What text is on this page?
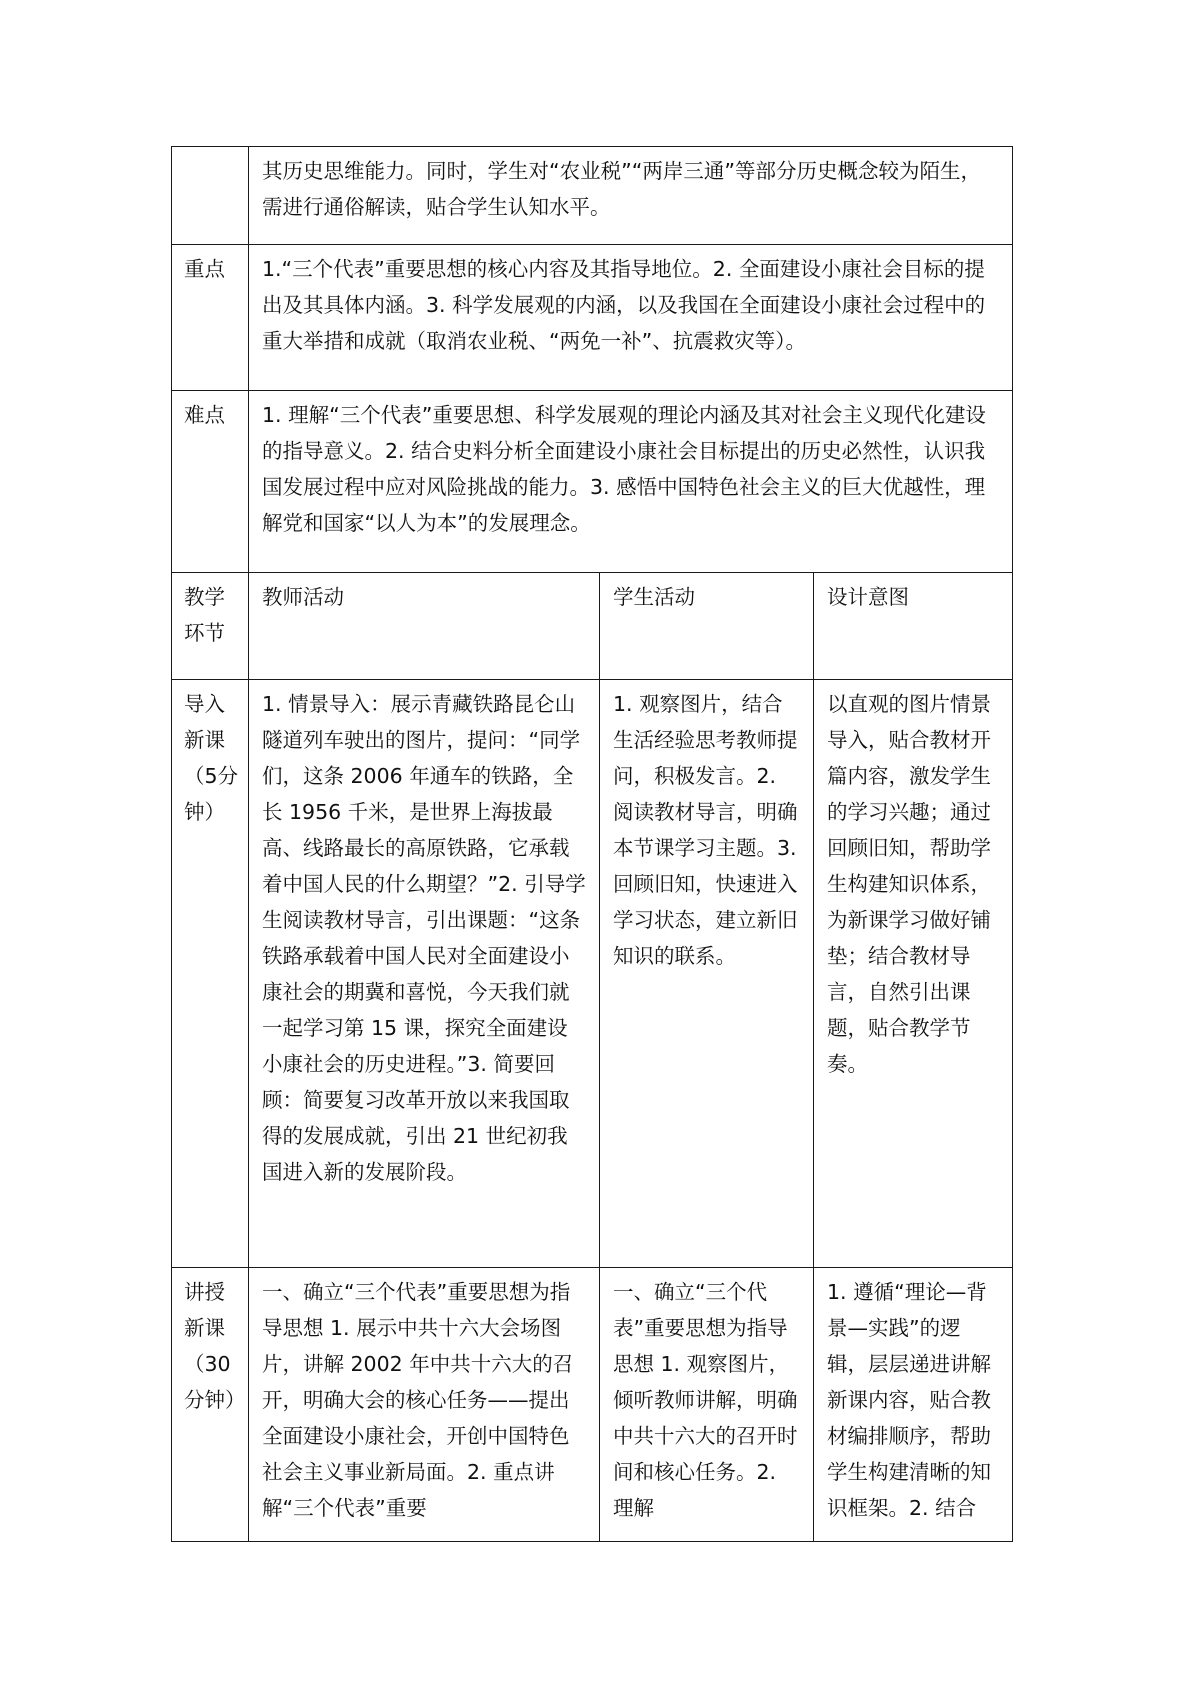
	其历史思维能力。同时，学生对“农业税”“两岸三通”等部分历史概念较为陌生，需进行通俗解读，贴合学生认知水平。		

重点	1.“三个代表”重要思想的核心内容及其指导地位。2. 全面建设小康社会目标的提出及其具体内涵。3. 科学发展观的内涵，以及我国在全面建设小康社会过程中的重大举措和成就（取消农业税、“两免一补”、抗震救灾等）。		

难点	1. 理解“三个代表”重要思想、科学发展观的理论内涵及其对社会主义现代化建设的指导意义。2. 结合史料分析全面建设小康社会目标提出的历史必然性，认识我国发展过程中应对风险挑战的能力。3. 感悟中国特色社会主义的巨大优越性，理解党和国家“以人为本”的发展理念。		

教学环节	教师活动	学生活动	设计意图

导入新课（5分钟）	1. 情景导入：展示青藏铁路昆仑山隧道列车驶出的图片，提问：“同学们，这条 2006 年通车的铁路，全长 1956 千米，是世界上海拔最高、线路最长的高原铁路，它承载着中国人民的什么期望？”2. 引导学生阅读教材导言，引出课题：“这条铁路承载着中国人民对全面建设小康社会的期冀和喜悦，今天我们就一起学习第 15 课，探究全面建设小康社会的历史进程。”3. 简要回顾：简要复习改革开放以来我国取得的发展成就，引出 21 世纪初我国进入新的发展阶段。	1. 观察图片，结合生活经验思考教师提问，积极发言。2. 阅读教材导言，明确本节课学习主题。3. 回顾旧知，快速进入学习状态，建立新旧知识的联系。	以直观的图片情景导入，贴合教材开篇内容，激发学生的学习兴趣；通过回顾旧知，帮助学生构建知识体系，为新课学习做好铺垫；结合教材导言，自然引出课题，贴合教学节奏。

讲授新课（30分钟）	一、确立“三个代表”重要思想为指导思想 1. 展示中共十六大会场图片，讲解 2002 年中共十六大的召开，明确大会的核心任务——提出全面建设小康社会，开创中国特色社会主义事业新局面。2. 重点讲解“三个代表”重要	一、确立“三个代表”重要思想为指导思想 1. 观察图片，倾听教师讲解，明确中共十六大的召开时间和核心任务。2. 理解	1. 遵循“理论—背景—实践”的逻辑，层层递进讲解新课内容，贴合教材编排顺序，帮助学生构建清晰的知识框架。2. 结合
